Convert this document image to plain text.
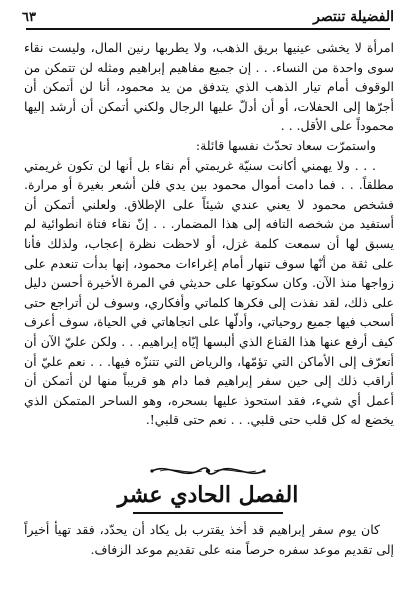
الفضيلة تنتصر
٦٣

امرأة لا يخشى عينيها بريق الذهب، ولا يطربها رنين المال، وليست نقاء سوى واحدة من النساء. . . إن جميع مفاهيم إبراهيم ومثله لن تتمكن من الوقوف أمام تيار الذهب الذي يتدفق من يد محمود، أنا لن أتمكن أن أجرّها إلى الحفلات، أو أن أدلّ عليها الرجال ولكني أتمكن أن أرشد إليها محموداً على الأقل. . .

واستمرّت سعاد تحدّث نفسها قائلة:

. . . ولا يهمني أكانت سنيّة غريمتي أم نقاء بل أنها لن تكون غريمتي مطلقاً. . . فما دامت أموال محمود بين يدي فلن أشعر بغيرة أو مرارة. فشخص محمود لا يعني عندي شيئاً على الإطلاق. ولعلني أتمكن أن أستفيد من شخصه التافه إلى هذا المضمار. . . إنّ نقاء فتاة انطوائية لم يسبق لها أن سمعت كلمة غزل، أو لاحظت نظرة إعجاب، ولذلك فأنا على ثقة من أنّها سوف تنهار أمام إغراءات محمود، إنها بدأت تنعدم على زواجها منذ الآن. وكان سكوتها على حديثي في المرة الأخيرة أحسن دليل على ذلك، لقد نفذت إلى فكرها كلماتي وأفكاري، وسوف لن أتراجع حتى أسحب فيها جميع روحياتي، وأدلّها على اتجاهاتي في الحياة، سوف أعرف كيف أرفع عنها هذا القناع الذي ألبسها إيّاه إبراهيم. . . ولكن عليّ الآن أن أتعرّف إلى الأماكن التي تؤمّها، والرياض التي تتنزّه فيها. . . نعم عليّ أن أراقب ذلك إلى حين سفر إبراهيم فما دام هو قريباً منها لن أتمكن أن أعمل أي شيء، فقد استحوذ عليها بسحره، وهو الساحر المتمكن الذي يخضع له كل قلب حتى قلبي. . . نعم حتى قلبي!.

الفصل الحادي عشر

كان يوم سفر إبراهيم قد أخذ يقترب بل يكاد أن يحدّد، فقد تهيأ أخيراً إلى تقديم موعد سفره حرصاً منه على تقديم موعد الزفاف.
